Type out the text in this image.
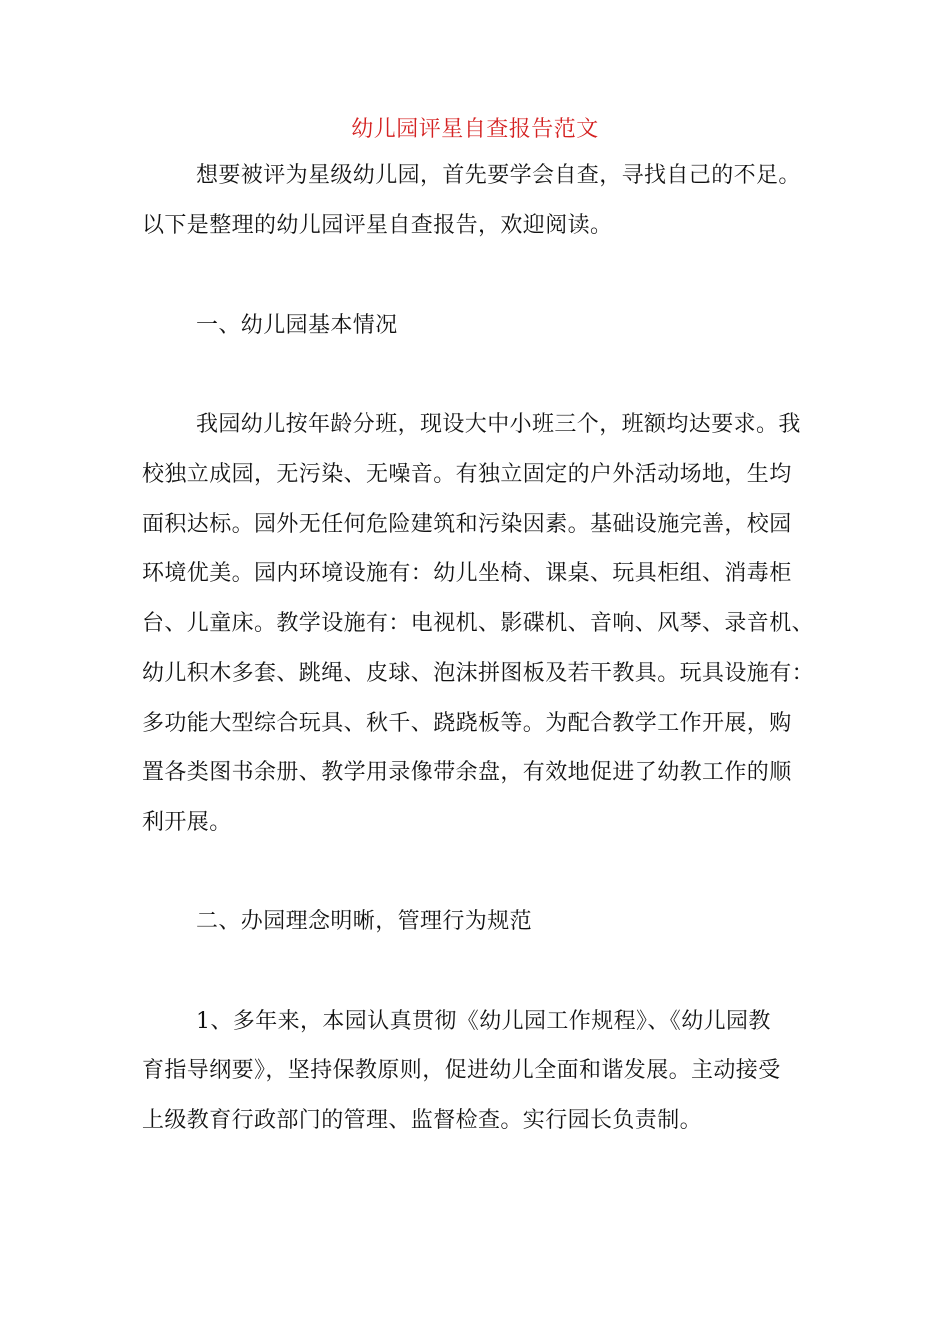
幼儿园评星自查报告范文
想要被评为星级幼儿园，首先要学会自查，寻找自己的不足。
以下是整理的幼儿园评星自查报告，欢迎阅读。
一、幼儿园基本情况
我园幼儿按年龄分班，现设大中小班三个，班额均达要求。我
校独立成园，无污染、无噪音。有独立固定的户外活动场地，生均
面积达标。园外无任何危险建筑和污染因素。基础设施完善，校园
环境优美。园内环境设施有：幼儿坐椅、课桌、玩具柜组、消毒柜
台、儿童床。教学设施有：电视机、影碟机、音响、风琴、录音机、
幼儿积木多套、跳绳、皮球、泡沫拼图板及若干教具。玩具设施有：
多功能大型综合玩具、秋千、跷跷板等。为配合教学工作开展，购
置各类图书余册、教学用录像带余盘，有效地促进了幼教工作的顺
利开展。
二、办园理念明晰，管理行为规范
1、多年来，本园认真贯彻《幼儿园工作规程》、《幼儿园教
育指导纲要》，坚持保教原则，促进幼儿全面和谐发展。主动接受
上级教育行政部门的管理、监督检查。实行园长负责制。
